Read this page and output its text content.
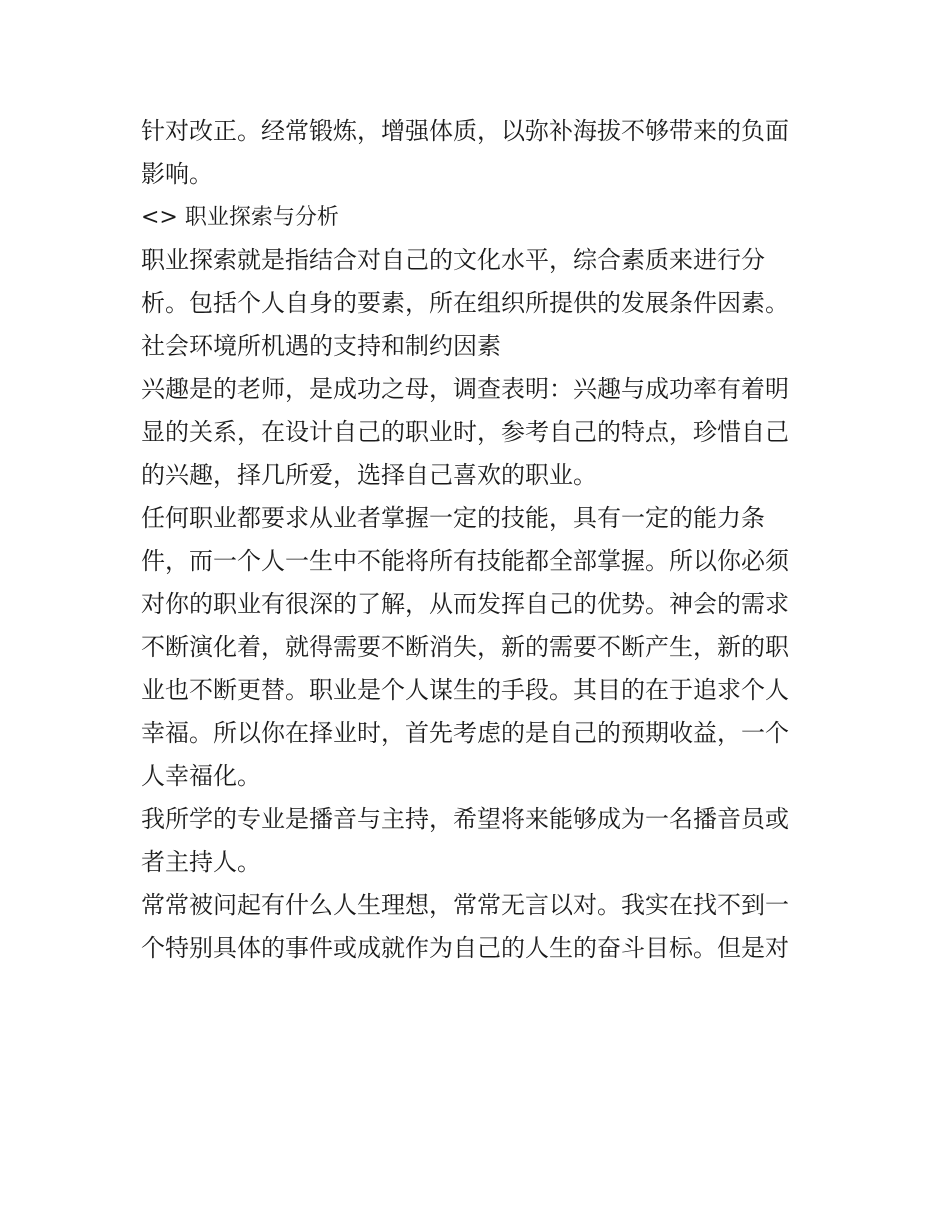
针对改正。经常锻炼，增强体质，以弥补海拔不够带来的负面
影响。
<> 职业探索与分析
职业探索就是指结合对自己的文化水平，综合素质来进行分
析。包括个人自身的要素，所在组织所提供的发展条件因素。
社会环境所机遇的支持和制约因素
兴趣是的老师，是成功之母，调查表明：兴趣与成功率有着明
显的关系，在设计自己的职业时，参考自己的特点，珍惜自己
的兴趣，择几所爱，选择自己喜欢的职业。
任何职业都要求从业者掌握一定的技能，具有一定的能力条
件，而一个人一生中不能将所有技能都全部掌握。所以你必须
对你的职业有很深的了解，从而发挥自己的优势。神会的需求
不断演化着，就得需要不断消失，新的需要不断产生，新的职
业也不断更替。职业是个人谋生的手段。其目的在于追求个人
幸福。所以你在择业时，首先考虑的是自己的预期收益，一个
人幸福化。
我所学的专业是播音与主持，希望将来能够成为一名播音员或
者主持人。
常常被问起有什么人生理想，常常无言以对。我实在找不到一
个特别具体的事件或成就作为自己的人生的奋斗目标。但是对
